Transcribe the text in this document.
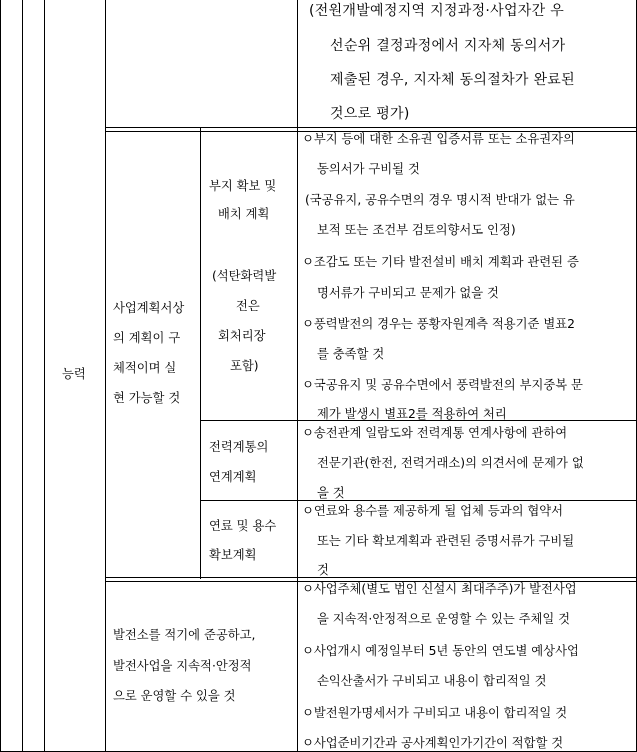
(전원개발예정지역 지정과정·사업자간 우
선순위 결정과정에서 지자체 동의서가
제출된 경우, 지자체 동의절차가 완료된
것으로 평가)
능력
사업계획서상
의 계획이 구
체적이며 실
현 가능할 것
부지 확보 및
배치 계획
(석탄화력발
전은
회처리장
포함)
ㅇ부지 등에 대한 소유권 입증서류 또는 소유권자의
동의서가 구비될 것
(국공유지, 공유수면의 경우 명시적 반대가 없는 유
보적 또는 조건부 검토의향서도 인정)
ㅇ조감도 또는 기타 발전설비 배치 계획과 관련된 증
명서류가 구비되고 문제가 없을 것
ㅇ풍력발전의 경우는 풍황자원계측 적용기준 별표2
를 충족할 것
ㅇ국공유지 및 공유수면에서 풍력발전의 부지중복 문
제가 발생시 별표2를 적용하여 처리
전력계통의
연계계획
ㅇ송전관계 일람도와 전력계통 연계사항에 관하여
전문기관(한전, 전력거래소)의 의견서에 문제가 없
을 것
연료 및 용수
확보계획
ㅇ연료와 용수를 제공하게 될 업체 등과의 협약서
또는 기타 확보계획과 관련된 증명서류가 구비될
것
발전소를 적기에 준공하고,
발전사업을 지속적·안정적
으로 운영할 수 있을 것
ㅇ사업주체(별도 법인 신설시 최대주주)가 발전사업
을 지속적·안정적으로 운영할 수 있는 주체일 것
ㅇ사업개시 예정일부터 5년 동안의 연도별 예상사업
손익산출서가 구비되고 내용이 합리적일 것
ㅇ발전원가명세서가 구비되고 내용이 합리적일 것
ㅇ사업준비기간과 공사계획인가기간이 적합할 것
